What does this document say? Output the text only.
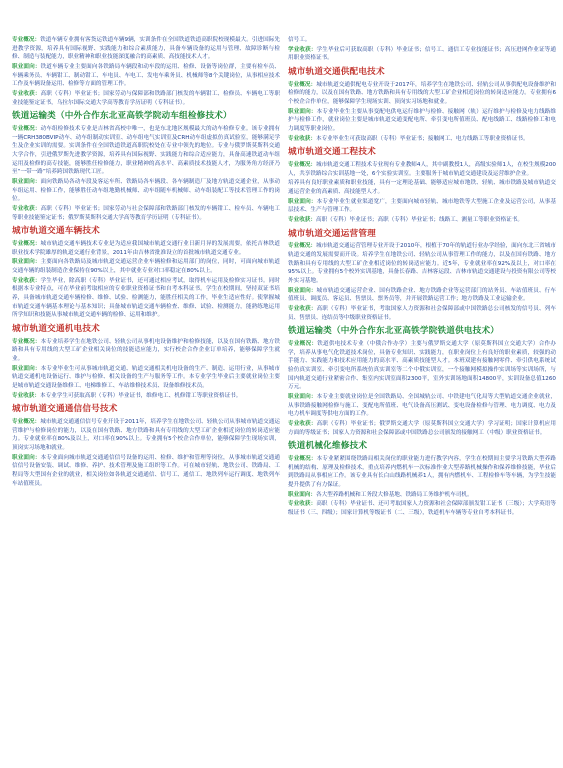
专业概况：铁道车辆专业拥有客货运铁道车辆9辆，实训条件在全国铁道铁道高职院校现模最大。引进国际先进教学资源，培养具有国际视野、实践能力和综合素质能力，具备车辆设备的运用与管理、故障诊断与检修、制造与装配能力，职业精神和职业技能深度融合的高素质、高技能技术人才。

职业面向：铁道车辆专业主要面向各铁路局车辆段和动车段的运用、检修、设备等岗位群，主要有检车员、车辆乘务员、车辆钳工、制动钳工、车电员、车电工、发电车乘务员、机械师等8个关键岗位，从事相应技术工作及车辆设备运用、检修等方面的管理工作。

专业收获：高职（专科）毕业证书；国家劳动与保障部和铁路部门核发的车辆钳工、检修员、车辆电工等职业技能鉴定证书，乌拉尔国际交通大学高等教育学历证明（专科证书）。

铁道运输类（中外合作东北亚高铁学院动车组检修技术）

专业概况：动车组检修技术专业是吉林省高校中唯一，也是东北地区规模最大的动车检修专业。该专业拥有一辆CRH380BVIP动车、动车组制动实训室、动车组电气实训室及CRH动车组虚拟仿真试验室，能够满足学生及企业实训的需要。实训条件在全国铁道铁道高职院校处在专业中领先的地位。专业与俄罗斯莫斯科交通大学合作，引进俄罗斯先进教学资源，培养具有国际视野、实践能力和综合适应能力，具备高速铁道动车组运用及检修的高专技能，能够胜任检修能力，职业精神的高水平、高素质技术技能人才，为服务角方经济乃至“一带一路”培养跨国铁路现代工匠。

职业面向：面向铁路局各动车段及客运车所、铁路局各车辆段、各车辆制造厂及地方轨道交通企业，从事动车组运用、检修工作，能够胜任动车组地勤机械师、动车组随车机械师、动车组装配工等技术管理工作的岗位。

专业收获：高职（专科）毕业证书；国家劳动与社会保障部和铁路部门核发的车辆钳工、检车员、车辆电工等职业技能鉴定证书；俄罗斯莫斯科交通大学高等教育学历证明（专科证书）。

城市轨道交通车辆技术

专业概况：城市轨道交通车辆技术专业是为适应我国城市轨道交通行业日新月异的发展需要，依托吉林铁道职业技术学院雄厚的轨道交通行业背景，2011年由吉林省批准设立的首批城市轨道交通专业。

职业面向：主要面向各铁路局及城市轨道交通运营企业车辆检修和运用部门的岗位，同时，可面向城市轨道交通车辆的组装制造企业保持在90%以上，其中就业专业对口率稳定在80%以上。

专业收获：学生毕业，除高职（专科）毕业证书，还可通过相应考试，取得机车运用及检修实习证书。同时根据本专业特点，可在毕业前考取相应的专业职业资格证书和自考本科证书。学生在校期间，坚持双证书培养，具备城市轨道交通车辆检修、维修、试验、检测能力，能胜任相关的工作，毕业生适应性好。使掌握城市轨道交通车辆基本理论与基本知识；具备城市轨道交通车辆检查、维修、试验、检测能力，能熟练地运用所学知识和技能从事城市轨道交通车辆的检修、运用和维护。

城市轨道交通机电技术

专业概况：本专业培养学生在地铁公司、轻轨公司从事机电设备维护和检修技能，以及在国有铁路、地方铁路和具有专用线的大型工矿企业相关岗位的技能适应能力，实行校企合作企业订单培养，能够保障学生就业。

职业面向：本专业毕业生可从事城市轨道交通、轨道交通相关机电设备的生产、制造、运用行业，从事城市轨道交通机电设备运行、维护与检修、相关设备的生产与服务等工作。本专业学生毕业后主要就业岗位主要是城市轨道交通设备维修工、电梯维修工、车站维修技术员、设备维修技术员。

专业收获：本专业学生可获取高职（专科）毕业证书，维修电工、机修钳工等职业资格证书。

城市轨道交通通信信号技术

专业概况：城市轨道交通通信信号专业开设于2011年，培养学生在地铁公司、轻轨公司从事城市轨道交通运营维护与检修岗位的能力，以及在国有铁路、地方铁路和具有专用线的大型工矿企业相近岗位的转岗适应能力。专业就业率在80%及以上，对口率在90%以上。专业拥有5个校企合作单位，能够保障学生现场实训，顶岗实习场地和就业。

职业面向：本专业面向城市轨道交通通信信号设备的运用、检修、维护和管理等岗位，从事城市轨道交通通信信号设备安装、调试、维修、养护、技术管理及施工组织等工作。可在城市轻轨、地铁公司、铁路局、工程局等大型国有企业的就业，相关岗位如各轨道交通通信、信号工、通信工、地铁列车运行调度、地铁列车车站值班员。

信号工。

学业收获：学生毕业后可获取高职（专科）毕业证书；信号工、通信工专业技能证书；高压进网作业证等通用职业资格证书。

城市轨道交通供配电技术

专业概况：城市轨道交通供配电专业开设于2017年，培养学生在地铁公司、轻轨公司从事供配电设备维护和检修的能力，以及在国有铁路、地方铁路和具有专用线的大型工矿企业相近岗位的转岗适应能力。专业拥有6个校企合作单位，能够保障学生现场实训、顶岗实习场地和就业。

职业面向：本专业毕业生主要从事变配电供电运行维护与检修、接触网（轨）运行维护与检修及电力线路维护与检修工作，就业岗位主要是城市轨道交通变配电所、牵引变电所值班员、配电线路工、线路检修工和电力调度等职业岗位。

专业收获：本专业毕业生可获取高职（专科）毕业证书；接触网工、电力线路工等职业资格证书。

城市轨道交通工程技术

专业概况：城市轨道交通工程技术专业现有专业教师4人，其中副教授1人，高级实验师1人，在校生规模200人，共享铁路综合实训基地一处，6个实验实训室。主要服务于城市轨道交通建设及运营维护企业。

培养具有良好职业素质和职业技能，具有一定理论基础、能够适应城市地铁、轻轨、城市铁路及城市轨道交通运营企业的高素质、高技能型人才。

职业面向：本专业毕业生就业渠道宽广，主要面向城市轻轨、城市地铁等大型施工企业及运营公司，从事基层技术、生产与管理工作。

专业收获：高职（专科）毕业证书；高职（专科）毕业证书；线路工、测量工等职业资格证书。

城市轨道交通运营管理

专业概况：城市轨道交通运营管理专业开设于2010年，根植于70年的轨道行业办学经验，面向东北三省城市轨道交通的发展需要而开设。培养学生在地铁公司、轻轨公司从事管理工作的能力，以及在国有铁路、地方铁路和具有专用线的大型工矿企业相近岗位的转岗适应能力。近5年，专业就业率在92%及以上，对口率在95%以上。专业拥有5个校外实训基地，具备长春路、吉林客运段、吉林市轨道交通建设与投资有限公司等校外实习基地。

职业面向：城市轨道交通运营企业、国有铁路企业、地方铁路企业等运营部门的站务员、车站值班员、行车值班员、调度员、客运员、售票员、票务员等，并开展铁路运营工作；地方铁路及工业运输企业。

专业收获：高职（专科）毕业证书，考取国家人力资源和社会保障部或中国铁路总公司核发的信号员、列车员、售票员、连结员等中级职业资格证书。

铁道运输类（中外合作东北亚高铁学院铁道供电技术）

专业概况：铁道供电技术专业（中俄合作办学）主要与俄罗斯交通大学（原莫斯科国立交通大学）合作办学，培养从事电气化铁道技术岗位，具备专业知识、实践能力，在职业岗位上有良好的职业素质，较强的动手能力、实践能力和技术应用能力的高水平、高素质技能型人才。本班双建有接触网零件、牵引供电系统试验仿真实训室、牵引变电所系统仿真实训室等二个中俄实训室，一个接触网模拟操作实训场等实训场所，与国内轨道交通行业紧密合作、集室内实训室面积2300平，室外实训场地面积14800平，实训设备总值1260万元。

职业面向：本专业主要就业岗位是全国铁路局、全国城轨公司、中铁建电气化局等大型轨道交通企业就业，从事铁路接触网检修与施工、变配电所值班、电气设备高压测试、变电设备检修与管理、电力调度、电力及电力机车调度等供电方面的工作。

专业收获：高职（专科）毕业证书；俄罗斯交通大学（原莫斯科国立交通大学）学习证明；国家计算机应用方面的等级证书；国家人力资源和社会保障部或中国铁路总公司颁发的接触网工（中级）职业资格证书。

铁道机械化维修技术

专业概况：本专业紧紧围绕铁路局相关岗位的职业能力进行教学内容，学生在校期间主要学习铁路大型养路机械的结构、原理及检修技术，重点培养内燃机车一次标准作业大型养路机械操作和保养维修技能，毕业后到铁路局从事相应工作。该专业具有长白山线路机械养1人，拥有内燃机车、工程检修车等车辆，为学生技能提升提供了有力保证。

职业面向：各大型养路机械和工务段大修基地、铁路局工务维护机车司机。

专业收获：高职（专科）毕业证书、还可考取国家人力资源和社会保障部颁发钳工证书（三级）；大学英语等级证书（三、四级）；国家计算机等级证书（二、三级），铁道机车车辆等专业自考本科证书。
